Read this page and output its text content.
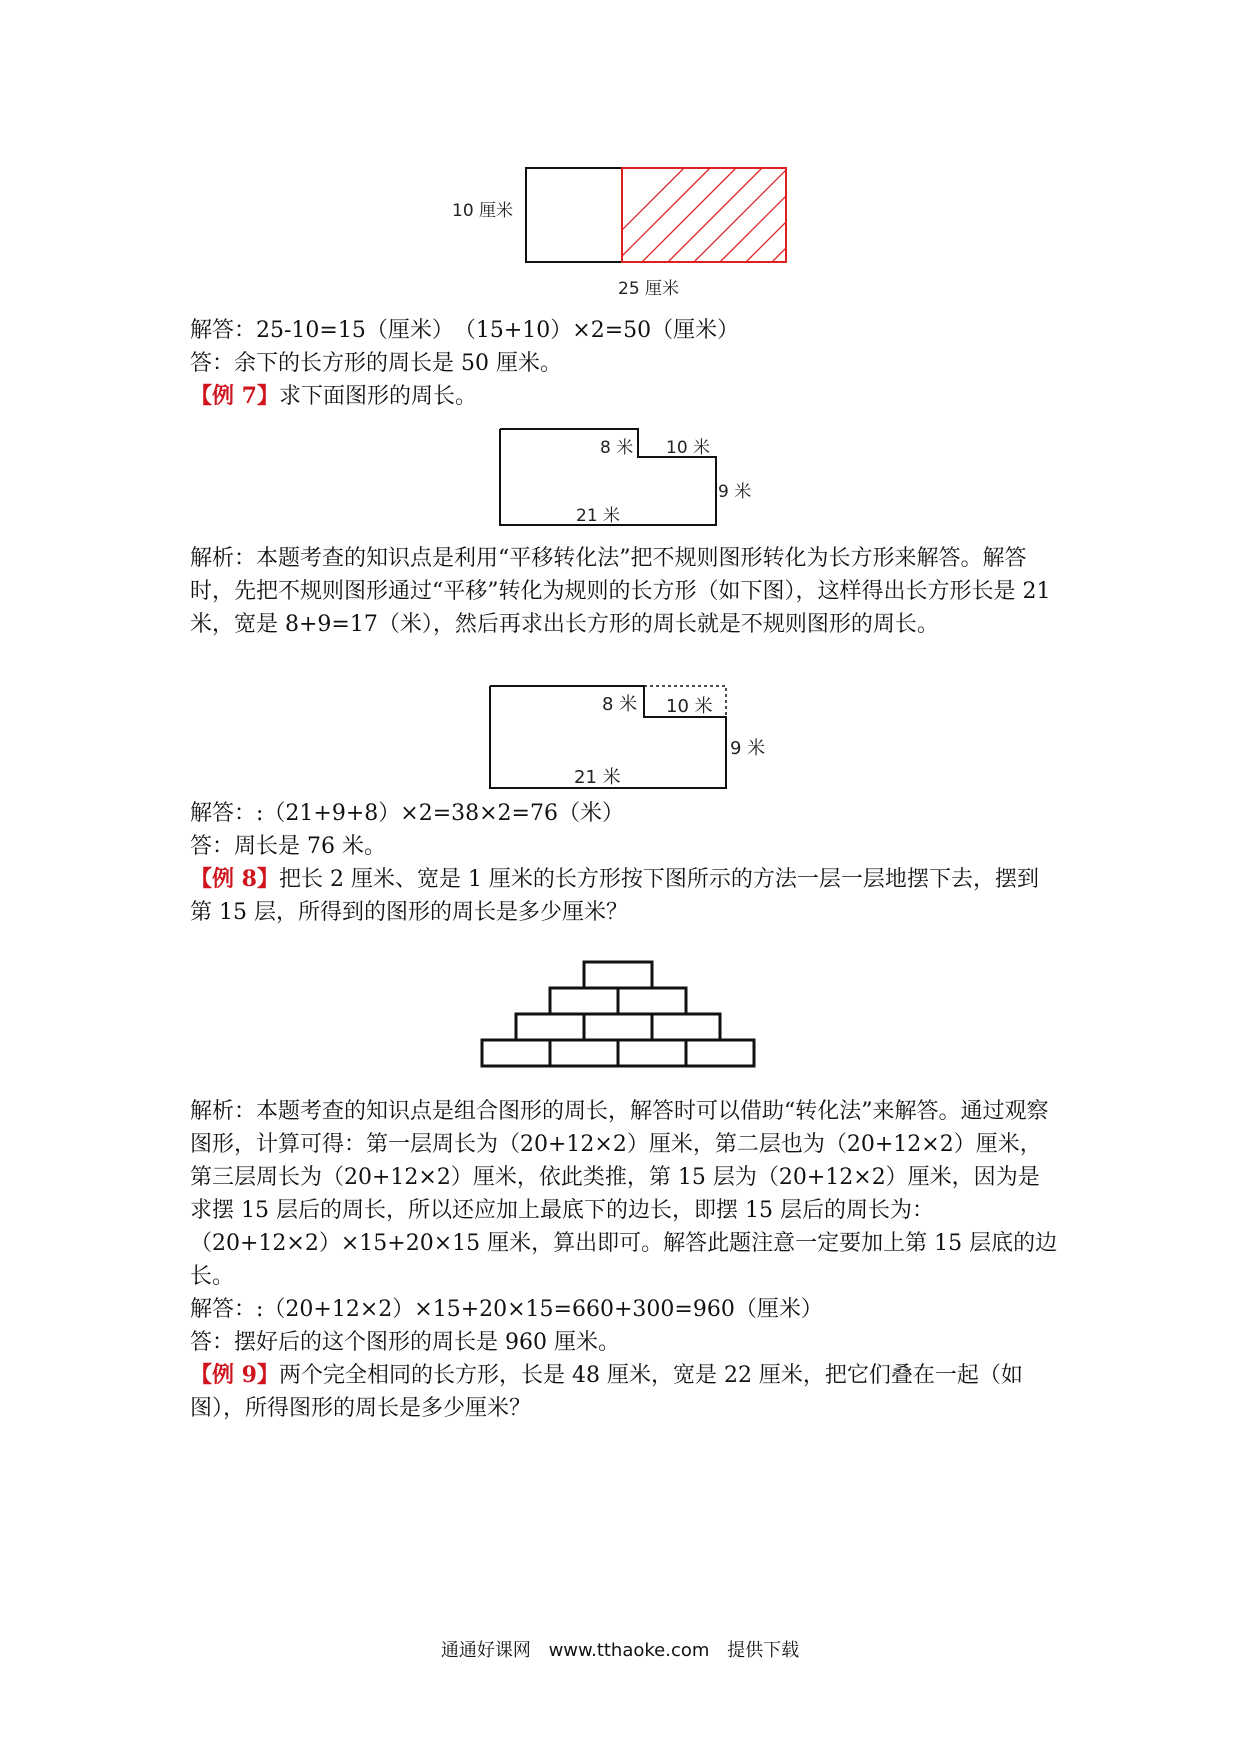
10 厘米
25 厘米
解答：25-10=15（厘米）　（15+10）×2=50（厘米）
答：余下的长方形的周长是 50 厘米。
【例 7】求下面图形的周长。
8 米 10 米
9 米
21 米
解析：本题考查的知识点是利用“平移转化法”把不规则图形转化为长方形来解答。解答时，先把不规则图形通过“平移”转化为规则的长方形（如下图），这样得出长方形长是 21 米，宽是 8+9=17（米），然后再求出长方形的周长就是不规则图形的周长。
8 米 10 米
9 米
21 米
解答：:（21+9+8）×2=38×2=76（米）
答：周长是 76 米。
【例 8】把长 2 厘米、宽是 1 厘米的长方形按下图所示的方法一层一层地摆下去，摆到第 15 层，所得到的图形的周长是多少厘米？
解析：本题考查的知识点是组合图形的周长，解答时可以借助“转化法”来解答。通过观察图形，计算可得：第一层周长为（20+12×2）厘米，第二层也为（20+12×2）厘米，第三层周长为（20+12×2）厘米，依此类推，第 15 层为（20+12×2）厘米，因为是求摆 15 层后的周长，所以还应加上最底下的边长，即摆 15 层后的周长为：（20+12×2）×15+20×15 厘米，算出即可。解答此题注意一定要加上第 15 层底的边长。
解答：:（20+12×2）×15+20×15=660+300=960（厘米）
答：摆好后的这个图形的周长是 960 厘米。
【例 9】两个完全相同的长方形，长是 48 厘米，宽是 22 厘米，把它们叠在一起（如图），所得图形的周长是多少厘米？
通通好课网 www.tthaoke.com 提供下载
